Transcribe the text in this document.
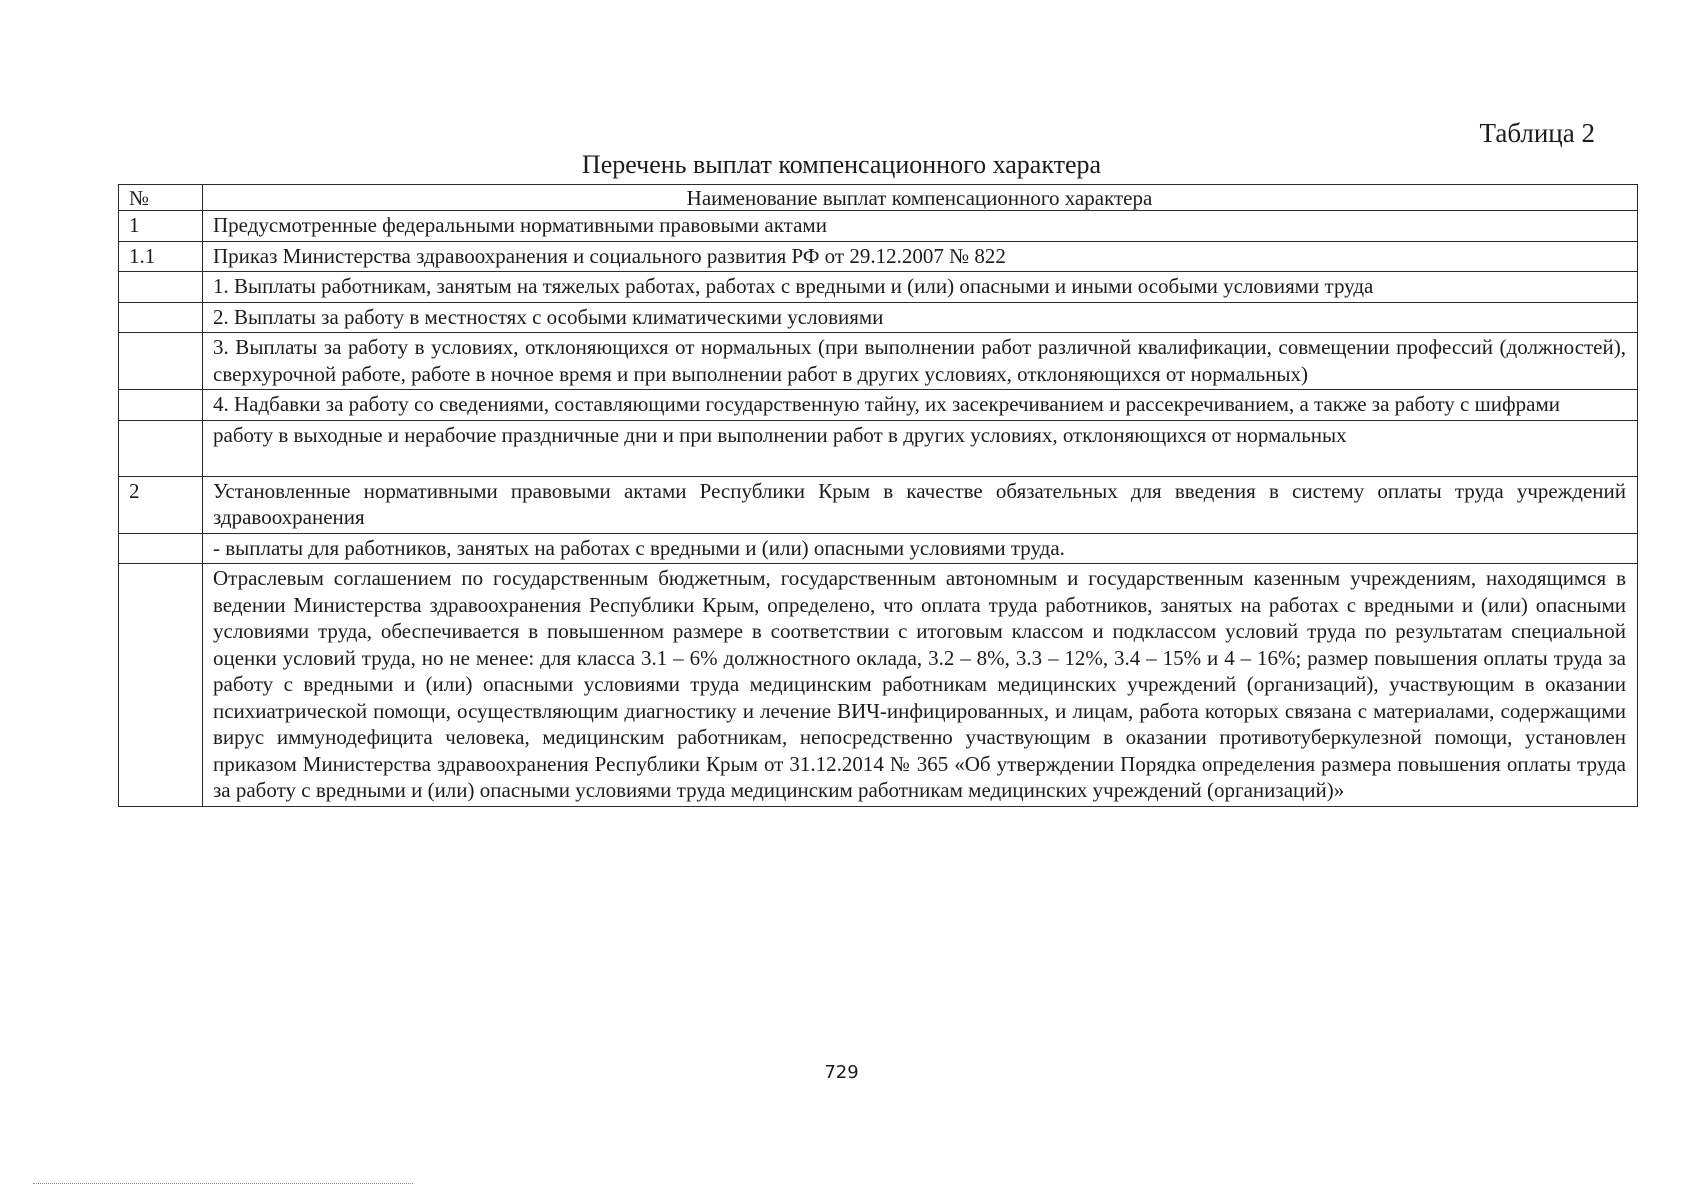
Таблица 2
Перечень выплат компенсационного характера
№	Наименование выплат компенсационного характера
1	Предусмотренные федеральными нормативными правовыми актами
1.1	Приказ Министерства здравоохранения и социального развития РФ от 29.12.2007 № 822
	1. Выплаты работникам, занятым на тяжелых работах, работах с вредными и (или) опасными и иными особыми условиями труда
	2. Выплаты за работу в местностях с особыми климатическими условиями
	3. Выплаты за работу в условиях, отклоняющихся от нормальных (при выполнении работ различной квалификации, совмещении профессий (должностей), сверхурочной работе, работе в ночное время и при выполнении работ в других условиях, отклоняющихся от нормальных)
	4. Надбавки за работу со сведениями, составляющими государственную тайну, их засекречиванием и рассекречиванием, а также за работу с шифрами
	работу в выходные и нерабочие праздничные дни и при выполнении работ в других условиях, отклоняющихся от нормальных
2	Установленные нормативными правовыми актами Республики Крым в качестве обязательных для введения в систему оплаты труда учреждений здравоохранения
	- выплаты для работников, занятых на работах с вредными и (или) опасными условиями труда.
	Отраслевым соглашением по государственным бюджетным, государственным автономным и государственным казенным учреждениям, находящимся в ведении Министерства здравоохранения Республики Крым, определено, что оплата труда работников, занятых на работах с вредными и (или) опасными условиями труда, обеспечивается в повышенном размере в соответствии с итоговым классом и подклассом условий труда по результатам специальной оценки условий труда, но не менее: для класса 3.1 – 6% должностного оклада, 3.2 – 8%, 3.3 – 12%, 3.4 – 15% и 4 – 16%; размер повышения оплаты труда за работу с вредными и (или) опасными условиями труда медицинским работникам медицинских учреждений (организаций), участвующим в оказании психиатрической помощи, осуществляющим диагностику и лечение ВИЧ-инфицированных, и лицам, работа которых связана с материалами, содержащими вирус иммунодефицита человека, медицинским работникам, непосредственно участвующим в оказании противотуберкулезной помощи, установлен приказом Министерства здравоохранения Республики Крым от 31.12.2014 № 365 «Об утверждении Порядка определения размера повышения оплаты труда за работу с вредными и (или) опасными условиями труда медицинским работникам медицинских учреждений (организаций)»
729
